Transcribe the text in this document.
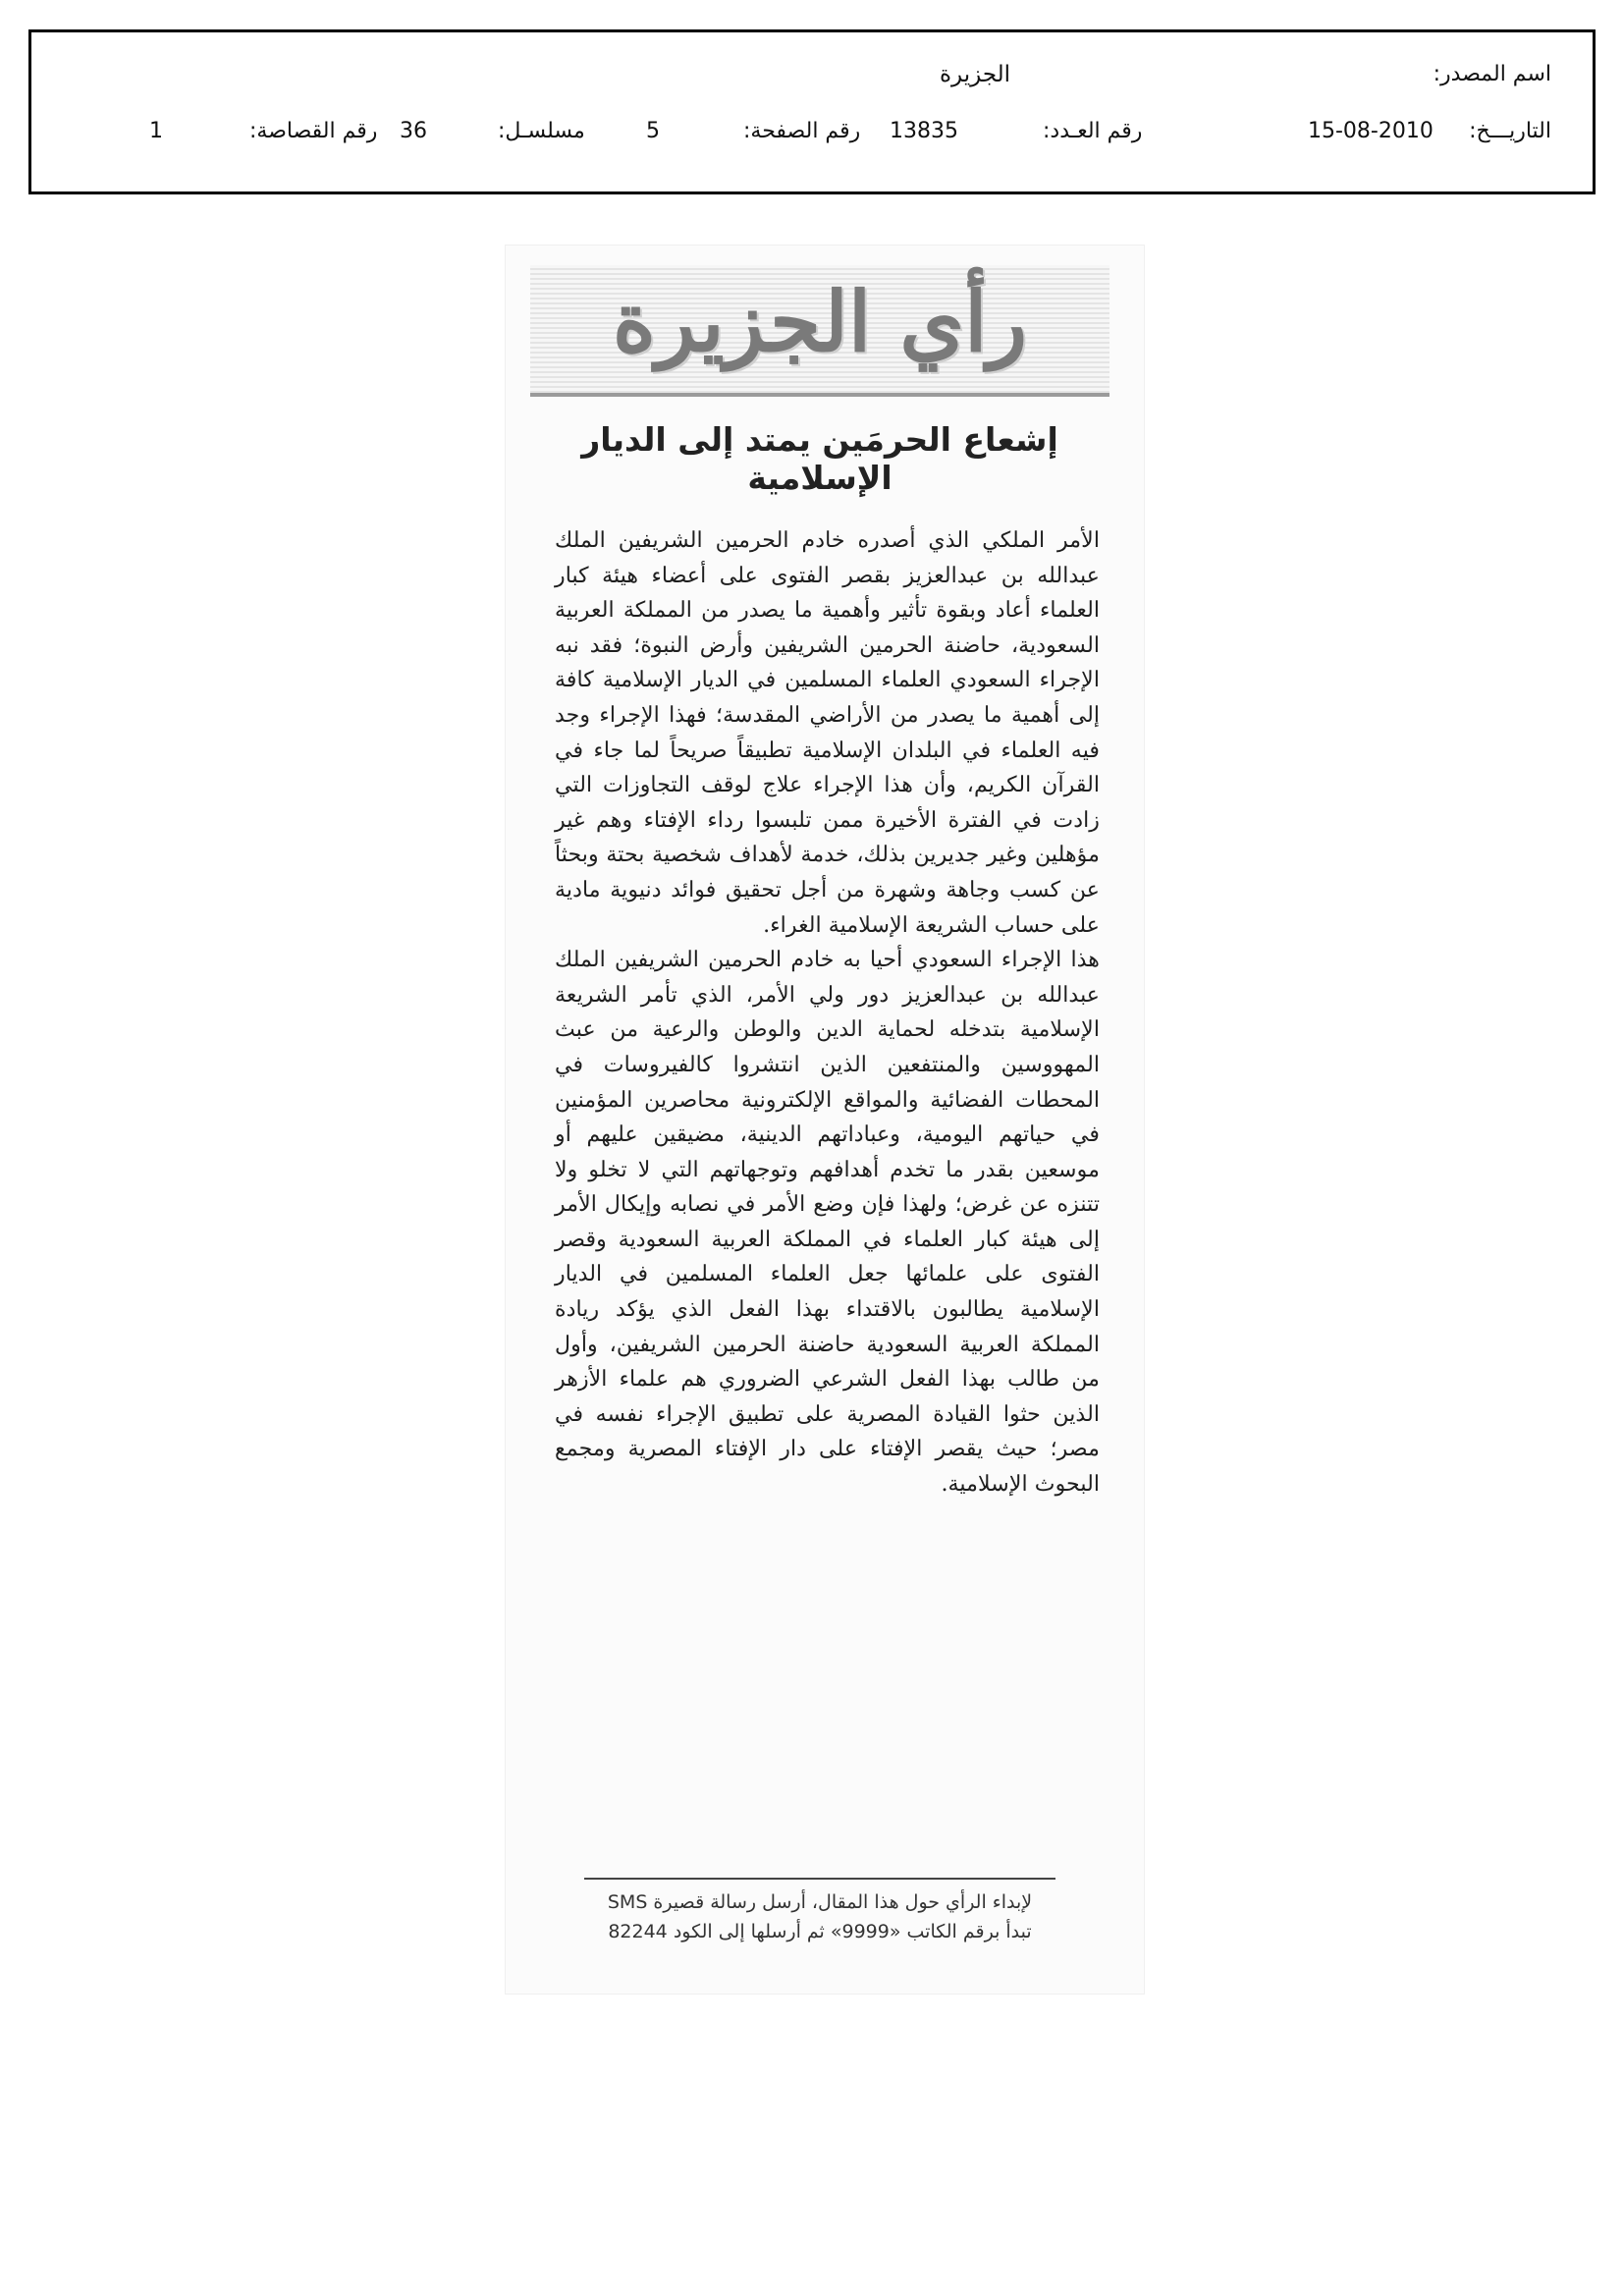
اسم المصدر:
الجزيرة
التاريـــخ:
15-08-2010
رقم العـدد:
13835
رقم الصفحة:
5
مسلسـل:
36
رقم القصاصة:
1
رأي الجزيرة
إشعاع الحرمَين يمتد إلى الديار الإسلامية

الأمر الملكي الذي أصدره خادم الحرمين الشريفين الملك عبدالله بن عبدالعزيز بقصر الفتوى على أعضاء هيئة كبار العلماء أعاد وبقوة تأثير وأهمية ما يصدر من المملكة العربية السعودية، حاضنة الحرمين الشريفين وأرض النبوة؛ فقد نبه الإجراء السعودي العلماء المسلمين في الديار الإسلامية كافة إلى أهمية ما يصدر من الأراضي المقدسة؛ فهذا الإجراء وجد فيه العلماء في البلدان الإسلامية تطبيقاً صريحاً لما جاء في القرآن الكريم، وأن هذا الإجراء علاج لوقف التجاوزات التي زادت في الفترة الأخيرة ممن تلبسوا رداء الإفتاء وهم غير مؤهلين وغير جديرين بذلك، خدمة لأهداف شخصية بحتة وبحثاً عن كسب وجاهة وشهرة من أجل تحقيق فوائد دنيوية مادية على حساب الشريعة الإسلامية الغراء.

هذا الإجراء السعودي أحيا به خادم الحرمين الشريفين الملك عبدالله بن عبدالعزيز دور ولي الأمر، الذي تأمر الشريعة الإسلامية بتدخله لحماية الدين والوطن والرعية من عبث المهووسين والمنتفعين الذين انتشروا كالفيروسات في المحطات الفضائية والمواقع الإلكترونية محاصرين المؤمنين في حياتهم اليومية، وعباداتهم الدينية، مضيقين عليهم أو موسعين بقدر ما تخدم أهدافهم وتوجهاتهم التي لا تخلو ولا تتنزه عن غرض؛ ولهذا فإن وضع الأمر في نصابه وإيكال الأمر إلى هيئة كبار العلماء في المملكة العربية السعودية وقصر الفتوى على علمائها جعل العلماء المسلمين في الديار الإسلامية يطالبون بالاقتداء بهذا الفعل الذي يؤكد ريادة المملكة العربية السعودية حاضنة الحرمين الشريفين، وأول من طالب بهذا الفعل الشرعي الضروري هم علماء الأزهر الذين حثوا القيادة المصرية على تطبيق الإجراء نفسه في مصر؛ حيث يقصر الإفتاء على دار الإفتاء المصرية ومجمع البحوث الإسلامية.

لإبداء الرأي حول هذا المقال، أرسل رسالة قصيرة SMS
تبدأ برقم الكاتب «9999» ثم أرسلها إلى الكود 82244
